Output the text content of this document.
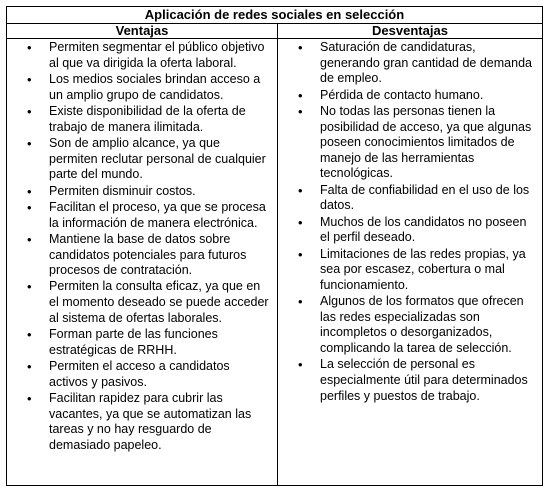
Aplicación de redes sociales en selección
Ventajas	Desventajas
• Permiten segmentar el público objetivo al que va dirigida la oferta laboral.
• Los medios sociales brindan acceso a un amplio grupo de candidatos.
• Existe disponibilidad de la oferta de trabajo de manera ilimitada.
• Son de amplio alcance, ya que permiten reclutar personal de cualquier parte del mundo.
• Permiten disminuir costos.
• Facilitan el proceso, ya que se procesa la información de manera electrónica.
• Mantiene la base de datos sobre candidatos potenciales para futuros procesos de contratación.
• Permiten la consulta eficaz, ya que en el momento deseado se puede acceder al sistema de ofertas laborales.
• Forman parte de las funciones estratégicas de RRHH.
• Permiten el acceso a candidatos activos y pasivos.
• Facilitan rapidez para cubrir las vacantes, ya que se automatizan las tareas y no hay resguardo de demasiado papeleo.
• Saturación de candidaturas, generando gran cantidad de demanda de empleo.
• Pérdida de contacto humano.
• No todas las personas tienen la posibilidad de acceso, ya que algunas poseen conocimientos limitados de manejo de las herramientas tecnológicas.
• Falta de confiabilidad en el uso de los datos.
• Muchos de los candidatos no poseen el perfil deseado.
• Limitaciones de las redes propias, ya sea por escasez, cobertura o mal funcionamiento.
• Algunos de los formatos que ofrecen las redes especializadas son incompletos o desorganizados, complicando la tarea de selección.
• La selección de personal es especialmente útil para determinados perfiles y puestos de trabajo.
